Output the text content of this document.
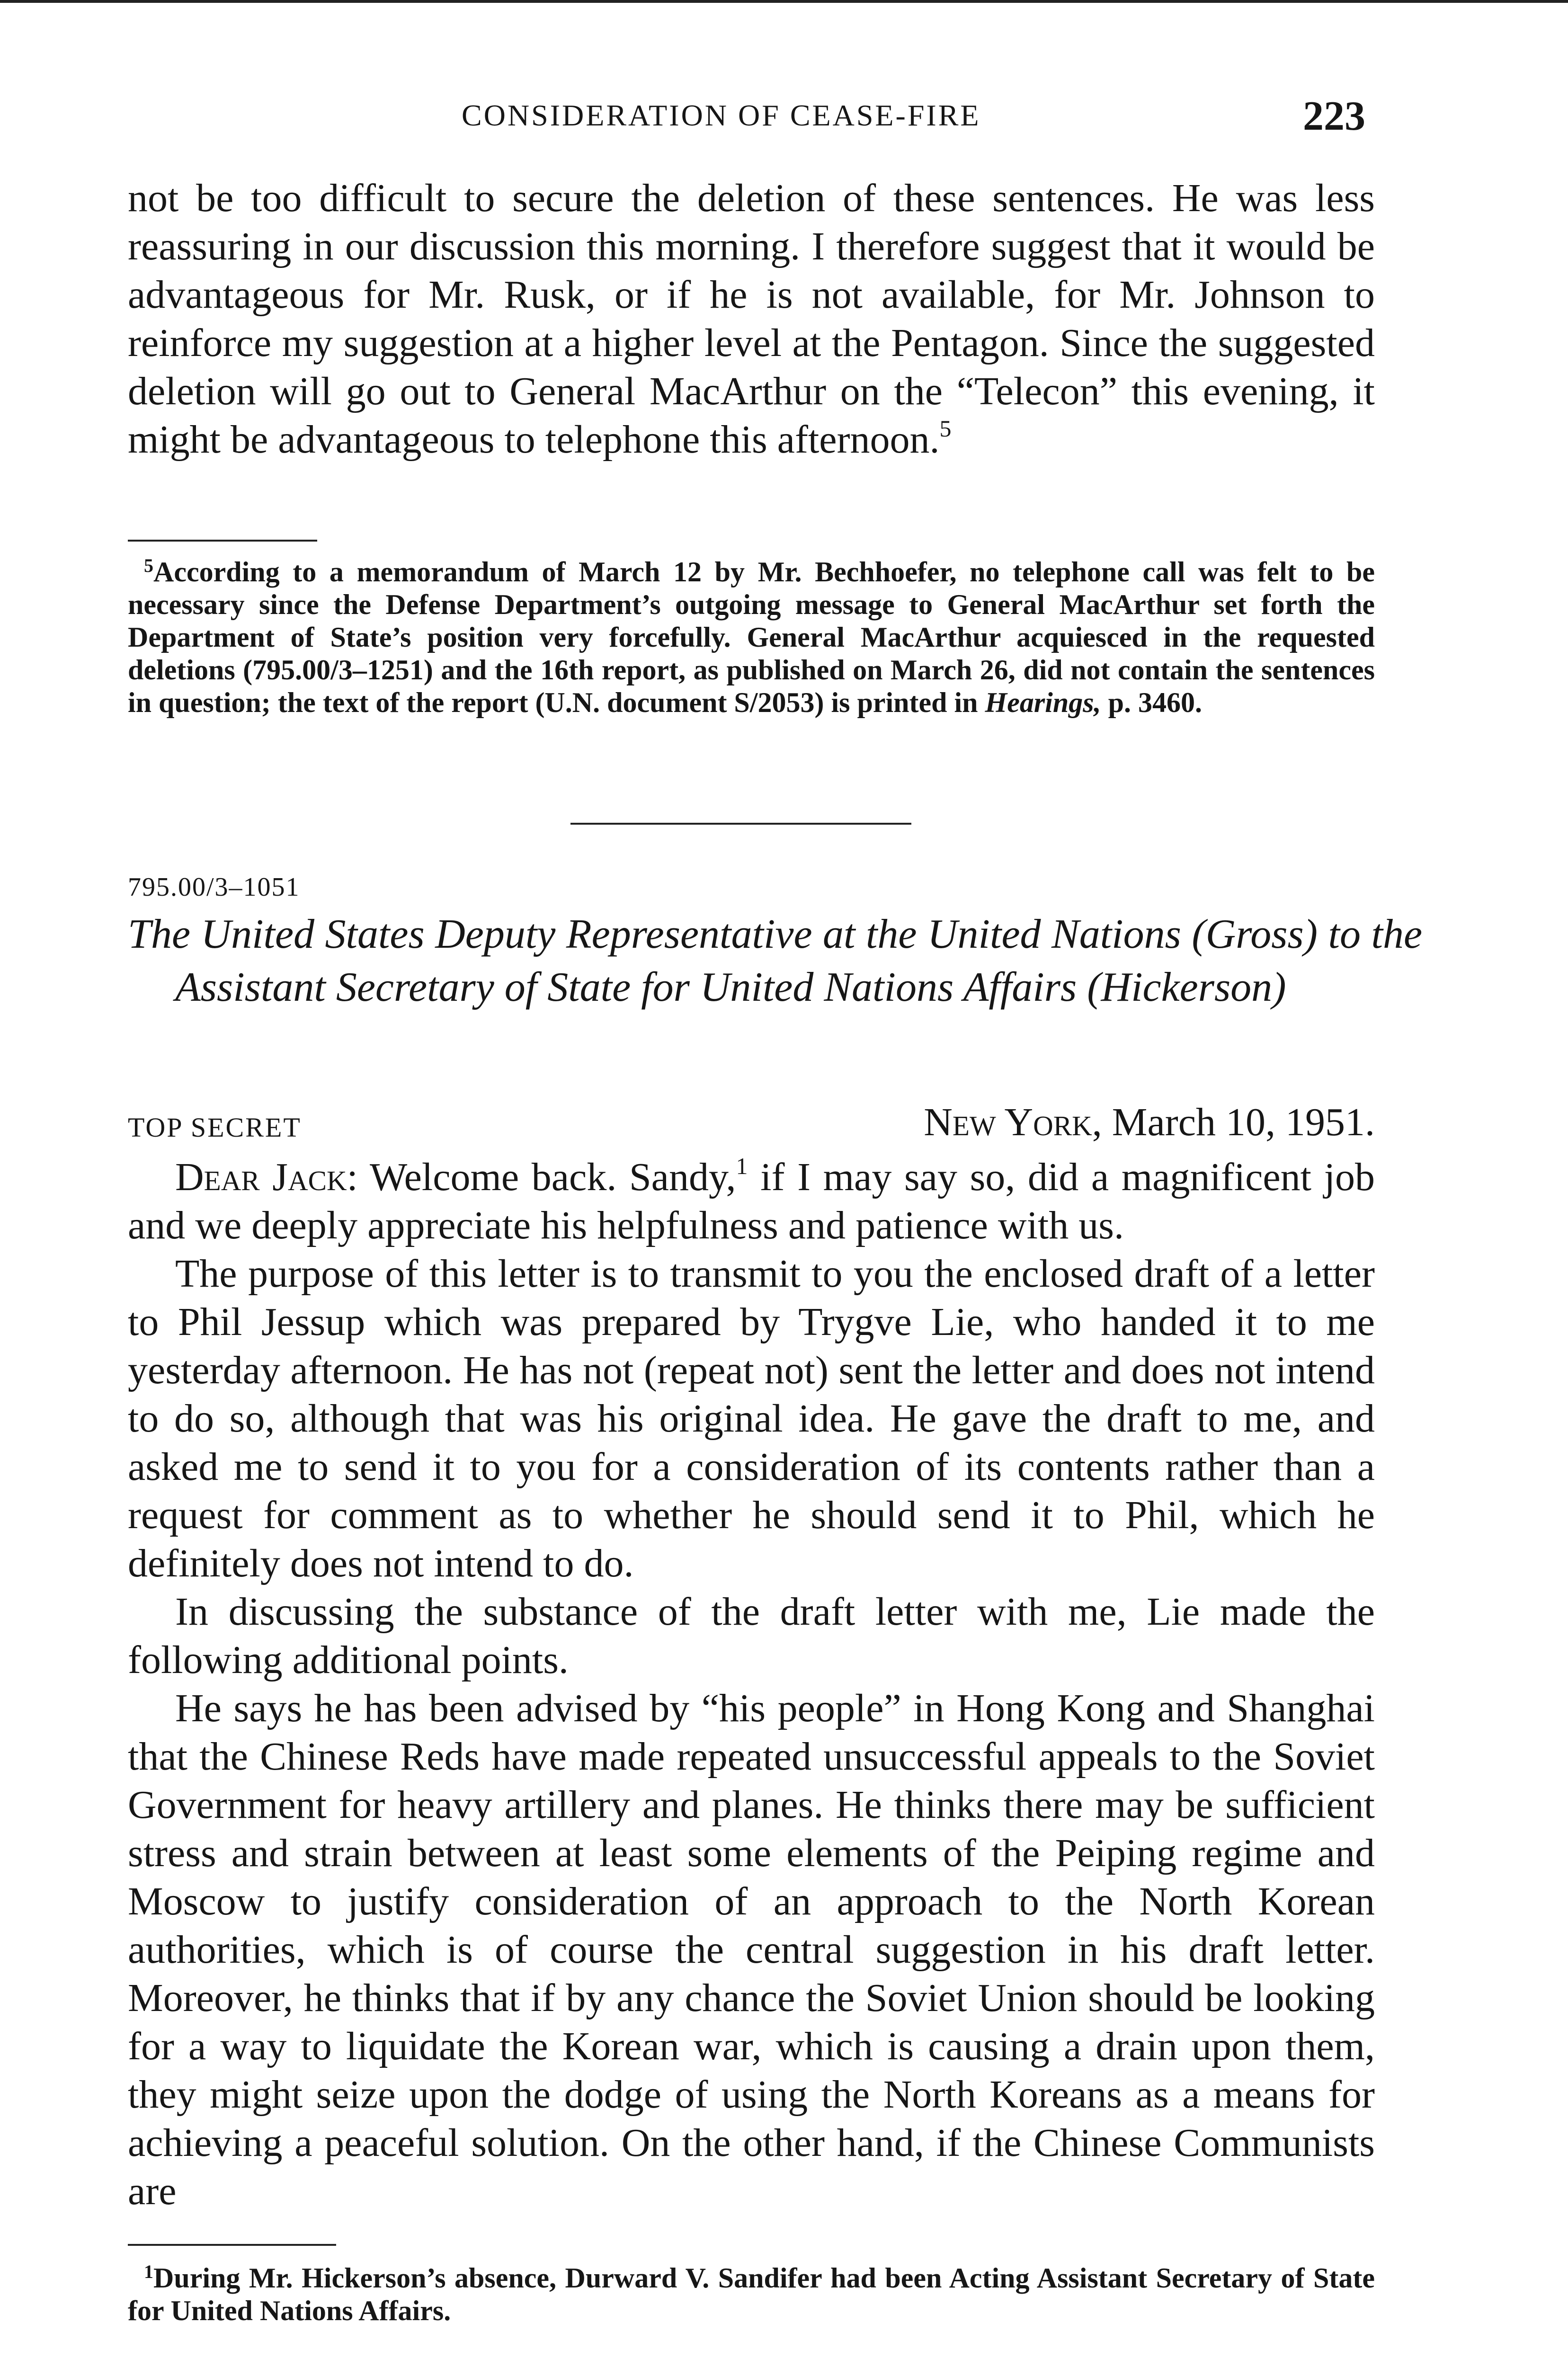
CONSIDERATION OF CEASE-FIRE	223

not be too difficult to secure the deletion of these sentences. He was less reassuring in our discussion this morning. I therefore suggest that it would be advantageous for Mr. Rusk, or if he is not available, for Mr. Johnson to reinforce my suggestion at a higher level at the Pentagon. Since the suggested deletion will go out to General MacArthur on the “Telecon” this evening, it might be advantageous to telephone this afternoon.$^5$

$^5$According to a memorandum of March 12 by Mr. Bechhoefer, no telephone call was felt to be necessary since the Defense Department’s outgoing message to General MacArthur set forth the Department of State’s position very forcefully. General MacArthur acquiesced in the requested deletions (795.00/3–1251) and the 16th report, as published on March 26, did not contain the sentences in question; the text of the report (U.N. document S/2053) is printed in Hearings, p. 3460.

795.00/3–1051

The United States Deputy Representative at the United Nations (Gross) to the Assistant Secretary of State for United Nations Affairs (Hickerson)

TOP SECRET	New York, March 10, 1951.

Dear Jack: Welcome back. Sandy,$^1$ if I may say so, did a magnificent job and we deeply appreciate his helpfulness and patience with us.

The purpose of this letter is to transmit to you the enclosed draft of a letter to Phil Jessup which was prepared by Trygve Lie, who handed it to me yesterday afternoon. He has not (repeat not) sent the letter and does not intend to do so, although that was his original idea. He gave the draft to me, and asked me to send it to you for a consideration of its contents rather than a request for comment as to whether he should send it to Phil, which he definitely does not intend to do.

In discussing the substance of the draft letter with me, Lie made the following additional points.

He says he has been advised by “his people” in Hong Kong and Shanghai that the Chinese Reds have made repeated unsuccessful appeals to the Soviet Government for heavy artillery and planes. He thinks there may be sufficient stress and strain between at least some elements of the Peiping regime and Moscow to justify consideration of an approach to the North Korean authorities, which is of course the central suggestion in his draft letter. Moreover, he thinks that if by any chance the Soviet Union should be looking for a way to liquidate the Korean war, which is causing a drain upon them, they might seize upon the dodge of using the North Koreans as a means for achieving a peaceful solution. On the other hand, if the Chinese Communists are

$^1$During Mr. Hickerson’s absence, Durward V. Sandifer had been Acting Assistant Secretary of State for United Nations Affairs.
